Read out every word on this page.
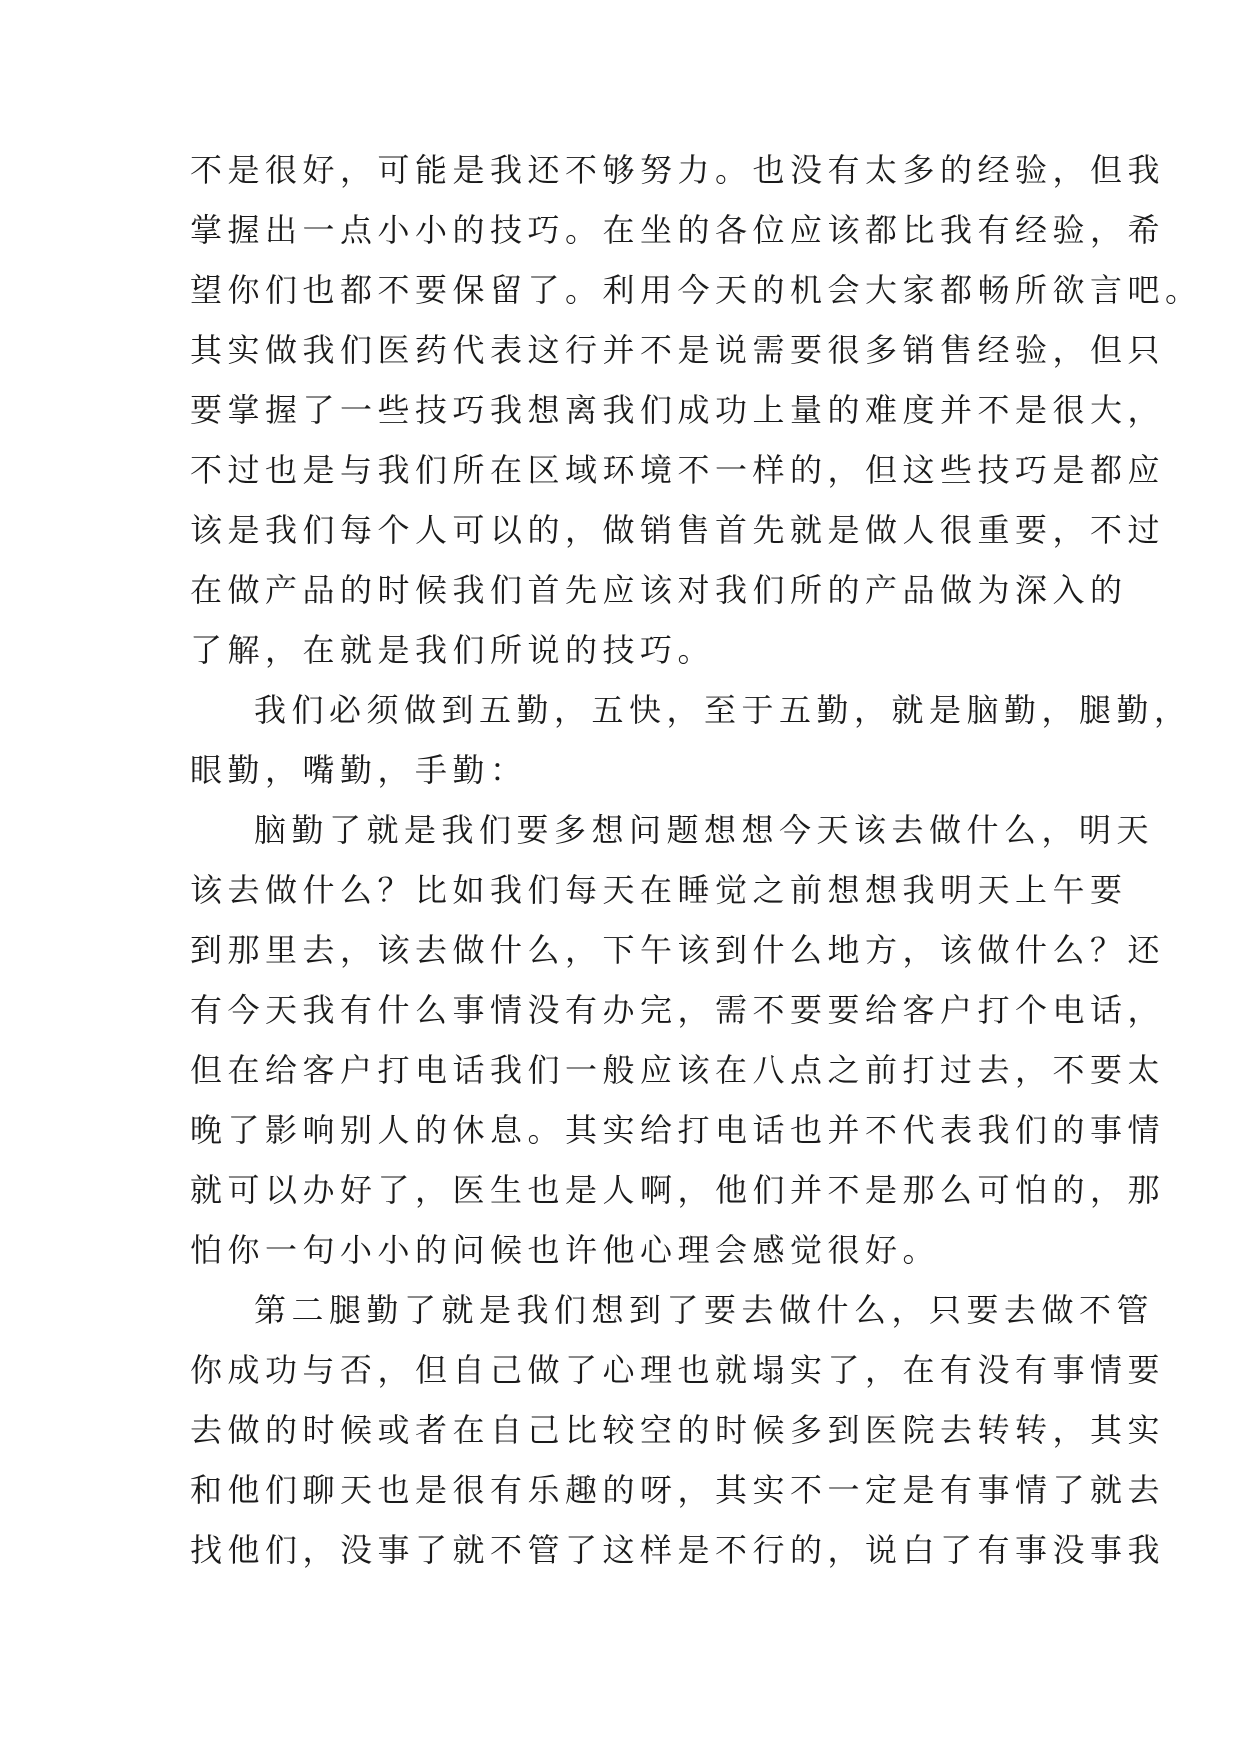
不是很好，可能是我还不够努力。也没有太多的经验，但我
掌握出一点小小的技巧。在坐的各位应该都比我有经验，希
望你们也都不要保留了。利用今天的机会大家都畅所欲言吧。
其实做我们医药代表这行并不是说需要很多销售经验，但只
要掌握了一些技巧我想离我们成功上量的难度并不是很大，
不过也是与我们所在区域环境不一样的，但这些技巧是都应
该是我们每个人可以的，做销售首先就是做人很重要，不过
在做产品的时候我们首先应该对我们所的产品做为深入的
了解，在就是我们所说的技巧。
我们必须做到五勤，五快，至于五勤，就是脑勤，腿勤，
眼勤，嘴勤，手勤：
脑勤了就是我们要多想问题想想今天该去做什么，明天
该去做什么？比如我们每天在睡觉之前想想我明天上午要
到那里去，该去做什么，下午该到什么地方，该做什么？还
有今天我有什么事情没有办完，需不要要给客户打个电话，
但在给客户打电话我们一般应该在八点之前打过去，不要太
晚了影响别人的休息。其实给打电话也并不代表我们的事情
就可以办好了，医生也是人啊，他们并不是那么可怕的，那
怕你一句小小的问候也许他心理会感觉很好。
第二腿勤了就是我们想到了要去做什么，只要去做不管
你成功与否，但自己做了心理也就塌实了，在有没有事情要
去做的时候或者在自己比较空的时候多到医院去转转，其实
和他们聊天也是很有乐趣的呀，其实不一定是有事情了就去
找他们，没事了就不管了这样是不行的，说白了有事没事我
